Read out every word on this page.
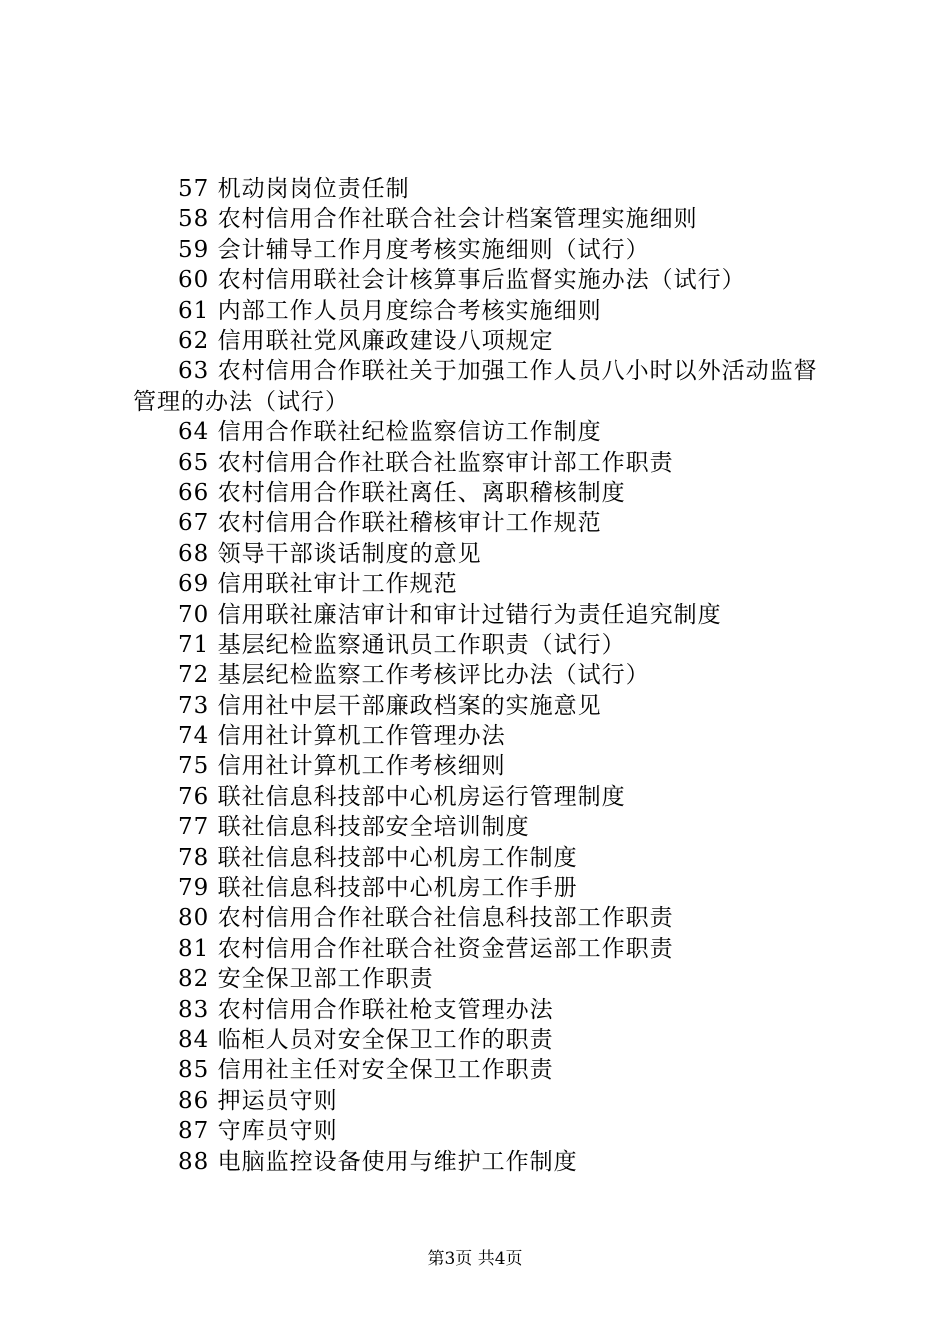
57 机动岗岗位责任制
58 农村信用合作社联合社会计档案管理实施细则
59 会计辅导工作月度考核实施细则（试行）
60 农村信用联社会计核算事后监督实施办法（试行）
61 内部工作人员月度综合考核实施细则
62 信用联社党风廉政建设八项规定
63 农村信用合作联社关于加强工作人员八小时以外活动监督管理的办法（试行）
64 信用合作联社纪检监察信访工作制度
65 农村信用合作社联合社监察审计部工作职责
66 农村信用合作联社离任、离职稽核制度
67 农村信用合作联社稽核审计工作规范
68 领导干部谈话制度的意见
69 信用联社审计工作规范
70 信用联社廉洁审计和审计过错行为责任追究制度
71 基层纪检监察通讯员工作职责（试行）
72 基层纪检监察工作考核评比办法（试行）
73 信用社中层干部廉政档案的实施意见
74 信用社计算机工作管理办法
75 信用社计算机工作考核细则
76 联社信息科技部中心机房运行管理制度
77 联社信息科技部安全培训制度
78 联社信息科技部中心机房工作制度
79 联社信息科技部中心机房工作手册
80 农村信用合作社联合社信息科技部工作职责
81 农村信用合作社联合社资金营运部工作职责
82 安全保卫部工作职责
83 农村信用合作联社枪支管理办法
84 临柜人员对安全保卫工作的职责
85 信用社主任对安全保卫工作职责
86 押运员守则
87 守库员守则
88 电脑监控设备使用与维护工作制度
第3页 共4页
